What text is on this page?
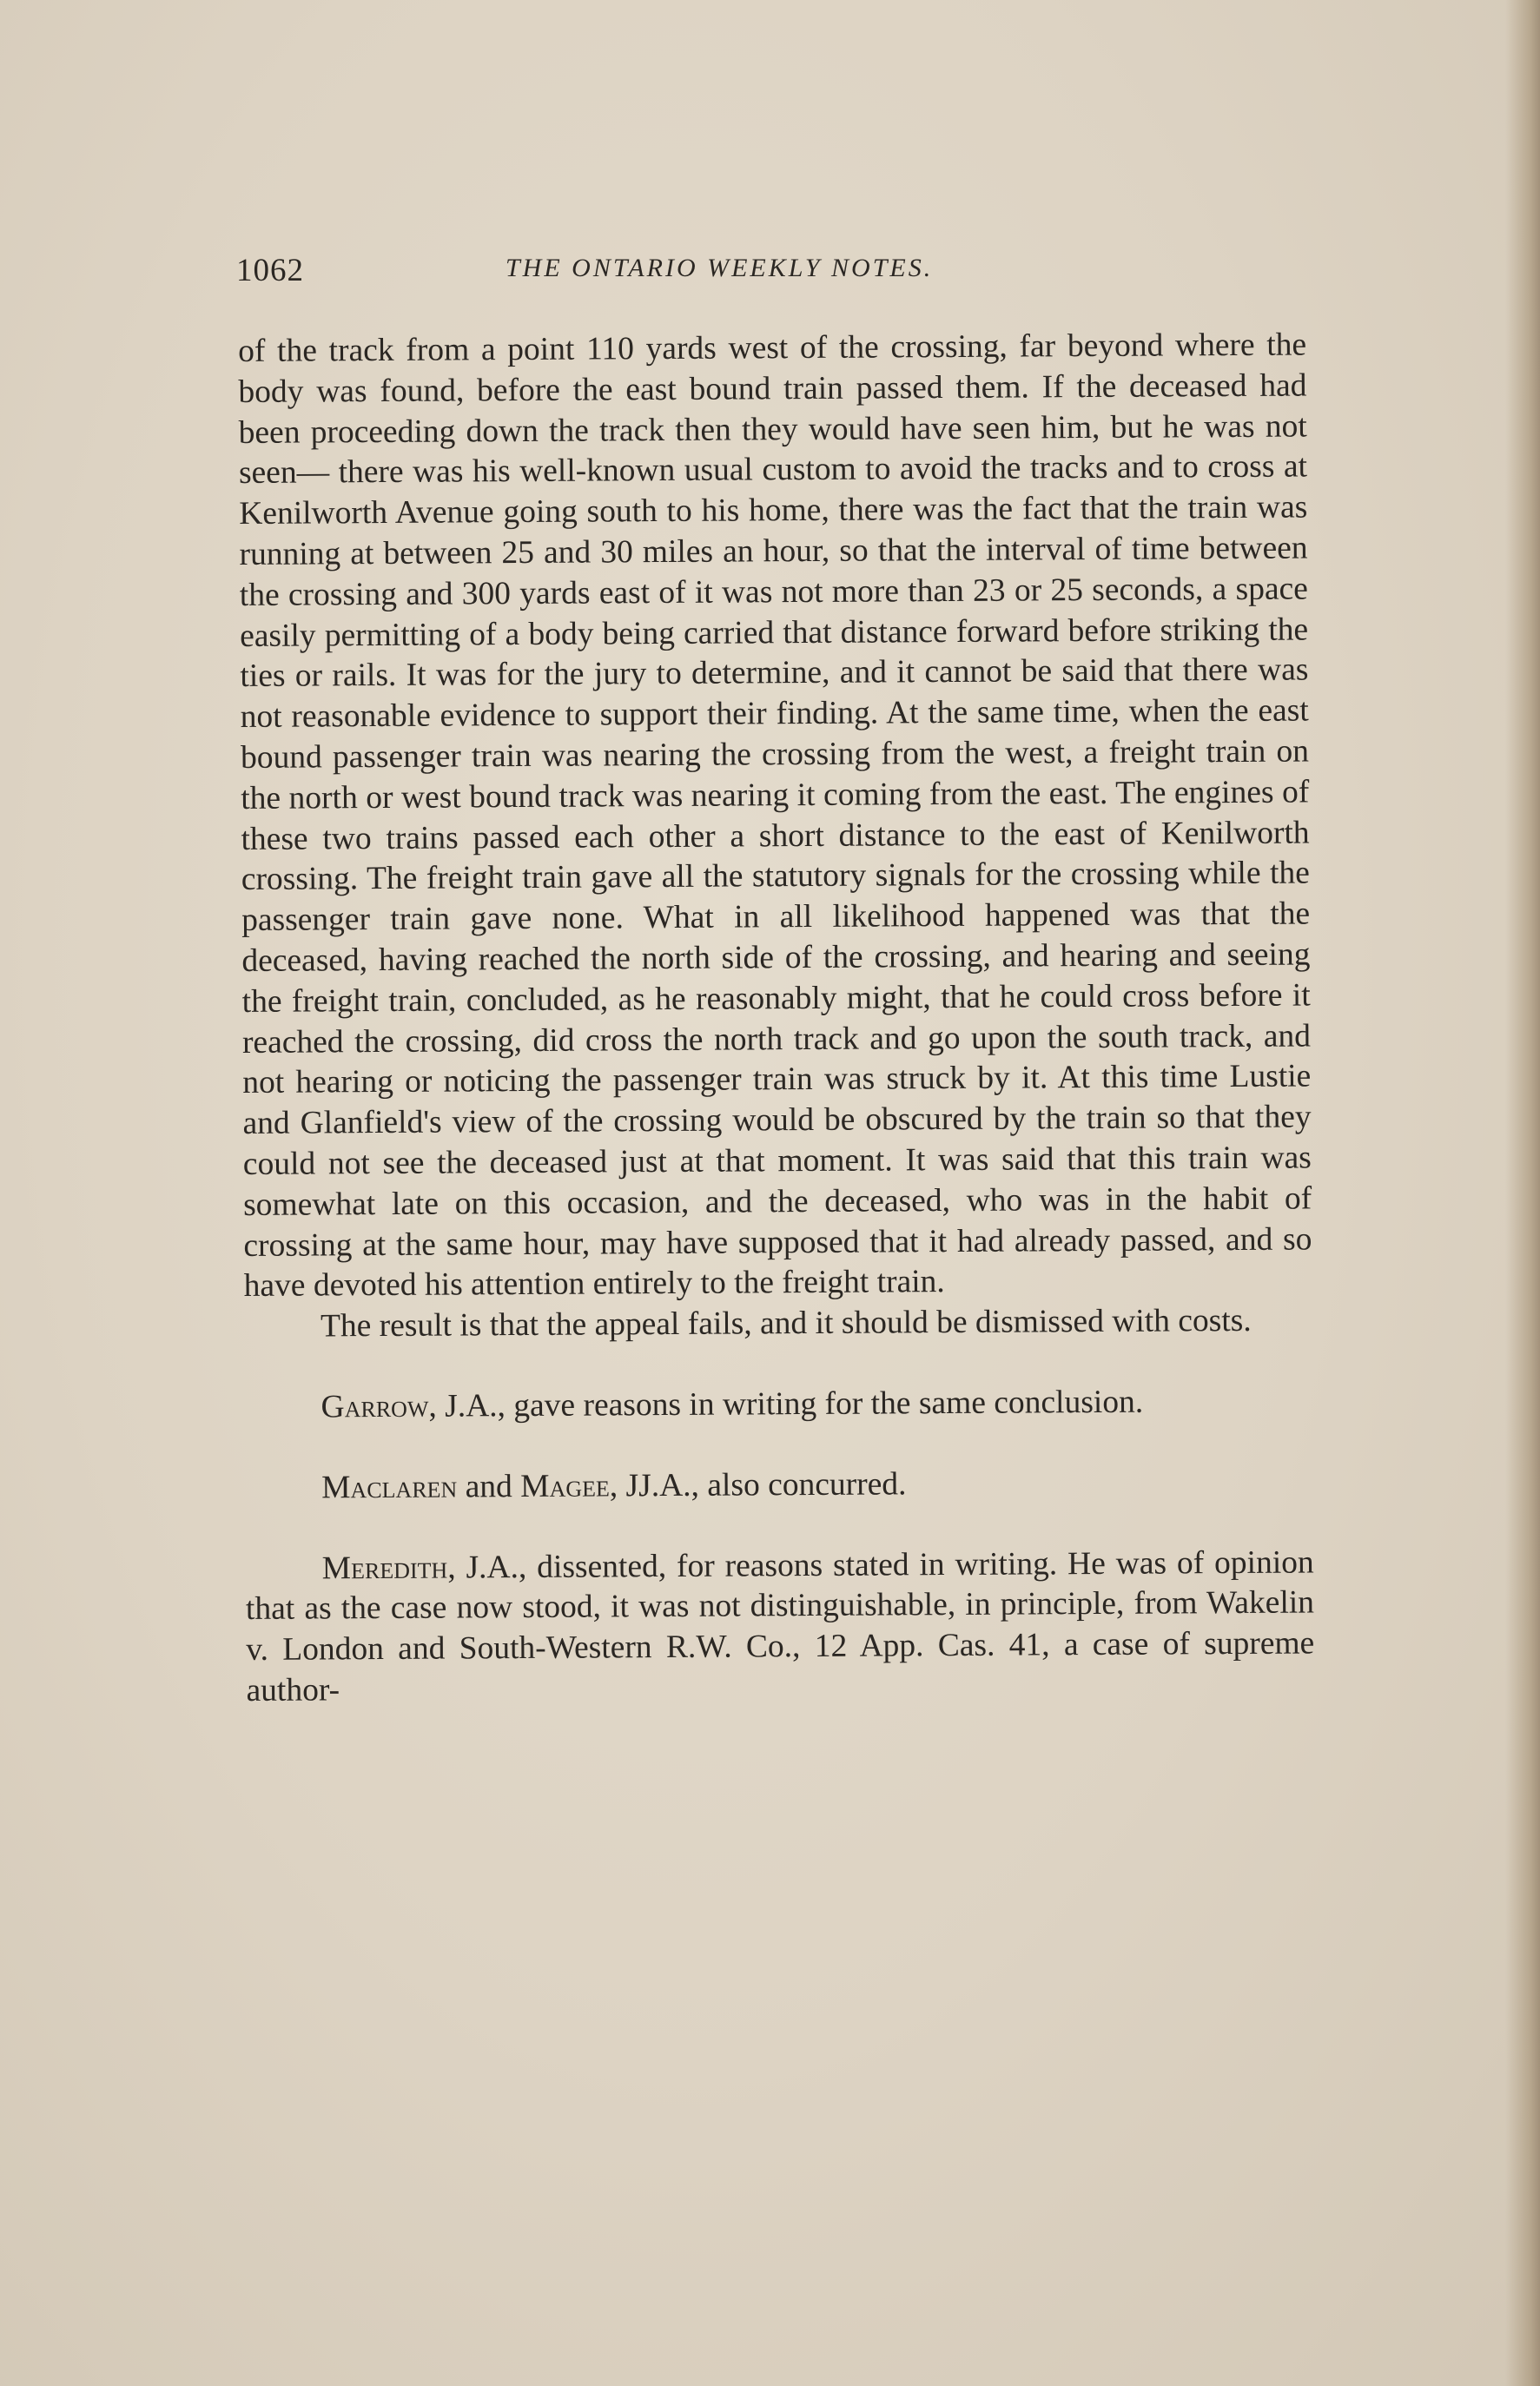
1062	THE ONTARIO WEEKLY NOTES.

of the track from a point 110 yards west of the crossing, far beyond where the body was found, before the east bound train passed them. If the deceased had been proceeding down the track then they would have seen him, but he was not seen— there was his well-known usual custom to avoid the tracks and to cross at Kenilworth Avenue going south to his home, there was the fact that the train was running at between 25 and 30 miles an hour, so that the interval of time between the crossing and 300 yards east of it was not more than 23 or 25 seconds, a space easily permitting of a body being carried that distance forward before striking the ties or rails. It was for the jury to determine, and it cannot be said that there was not reasonable evidence to support their finding. At the same time, when the east bound passenger train was nearing the crossing from the west, a freight train on the north or west bound track was nearing it coming from the east. The engines of these two trains passed each other a short distance to the east of Kenilworth crossing. The freight train gave all the statutory signals for the crossing while the passenger train gave none. What in all likelihood happened was that the deceased, having reached the north side of the crossing, and hearing and seeing the freight train, concluded, as he reasonably might, that he could cross before it reached the crossing, did cross the north track and go upon the south track, and not hearing or noticing the passenger train was struck by it. At this time Lustie and Glanfield's view of the crossing would be obscured by the train so that they could not see the deceased just at that moment. It was said that this train was somewhat late on this occasion, and the deceased, who was in the habit of crossing at the same hour, may have supposed that it had already passed, and so have devoted his attention entirely to the freight train.

The result is that the appeal fails, and it should be dismissed with costs.

Garrow, J.A., gave reasons in writing for the same conclusion.

Maclaren and Magee, JJ.A., also concurred.

Meredith, J.A., dissented, for reasons stated in writing. He was of opinion that as the case now stood, it was not distinguishable, in principle, from Wakelin v. London and South-Western R.W. Co., 12 App. Cas. 41, a case of supreme author-
